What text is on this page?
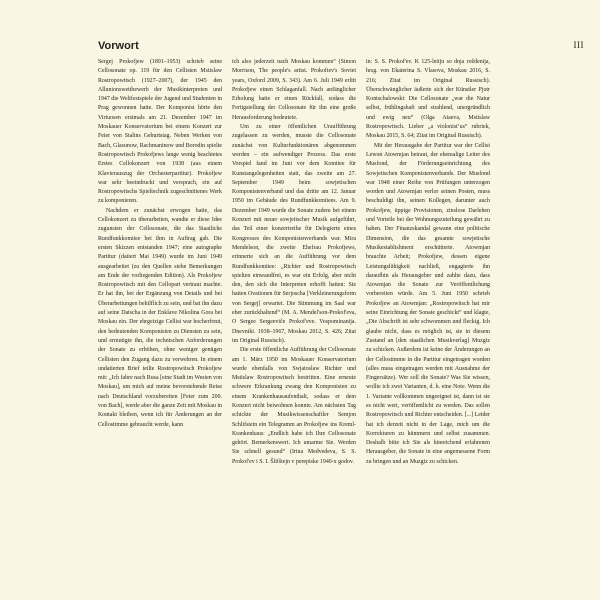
III
Vorwort

Sergej Prokofjew (1891–1953) schrieb seine Cellosonate op. 119 für den Cellisten Mstislaw Rostropowitsch (1927–2007), der 1945 den Allunionswettbewerb der Musikinterpreten und 1947 die Weltfestspiele der Jugend und Studenten in Prag gewonnen hatte. Der Komponist hörte den Virtuosen erstmals am 21. Dezember 1947 im Moskauer Konservatorium bei einem Konzert zur Feier von Stalins Geburtstag. Neben Werken von Bach, Glasunow, Rachmaninow und Borodin spielte Rostropowitsch Prokofjews lange wenig beachtetes Erstes Cellokonzert von 1938 (aus einem Klavierauszug der Orchesterpartitur). Prokofjew war sehr beeindruckt und versprach, ein auf Rostropowitschs Spieltechnik zugeschnittenes Werk zu komponieren.

Nachdem er zunächst erwogen hatte, das Cellokonzert zu überarbeiten, wandte er diese Idee zugunsten der Cellosonate, die das Staatliche Rundfunkkomitee bei ihm in Auftrag gab. Die ersten Skizzen entstanden 1947; eine autographe Partitur (datiert Mai 1949) wurde im Juni 1949 ausgearbeitet (zu den Quellen siehe Bemerkungen am Ende der vorliegenden Edition). Als Prokofjew Rostropowitsch mit den Cellopart vertraut machte. Er hat ihn, bei der Ergänzung von Details und bei Überarbeitungen behilflich zu sein, und bat ihn dazu auf seine Datscha in der Enklave Nikolina Gora bei Moskau ein. Der ehrgeizige Cellist war hocherfreut, den bedeutenden Komponisten zu Diensten zu sein, und ermutigte ihn, die technischen Anforderungen der Sonate zu erhöhen, ohne weniger genügen Cellisten den Zugang dazu zu verwehren. In einem undatierten Brief teilte Rostropowitsch Prokofjew mit: „Ich fahre nach Rusa [eine Stadt im Westen von Moskau], um mich auf meine bevorstehende Reise nach Deutschland vorzubereiten [Feier zum 200. von Bach], werde aber die ganze Zeit mit Moskau in Kontakt bleiben, wenn ich für Änderungen an der Cellostimme gebraucht werde, kann

ich also jederzeit nach Moskau kommen“ (Simon Morrison, The people's artist. Prokofiev's Soviet years, Oxford 2009, S. 343). Am 6. Juli 1949 erlitt Prokofjew einen Schlaganfall. Nach anfänglicher Erholung hatte er einen Rückfall, sodass die Fertigstellung der Cellosonate für ihn eine große Herausforderung bedeutete.

Um zu einer öffentlichen Uraufführung zugelassen zu werden, musste die Cellosonate zunächst von Kulturfunktionären abgenommen werden – ein aufwendiger Prozess. Das erste Vorspiel fand im Juni vor dem Komitee für Kunstangelegenheiten statt, das zweite am 27. September 1949 beim sowjetischen Komponistenverband und das dritte am 12. Januar 1950 im Gebäude des Rundfunkkomitees. Am 9. Dezember 1949 wurde die Sonate zudem bei einem Konzert mit neuer sowjetischer Musik aufgeführt, das Teil einer konzertreihe für Delegierte eines Kongresses des Komponistenverbands war. Mira Mendelson, die zweite Ehefrau Prokofjews, erinnerte sich an die Aufführung vor dem Rundfunkkomitee: „Richter und Rostropowitsch spielten einwandfrei, es war ein Erfolg, aber nicht den, den sich die Interpreten erhofft hatten: Sie hatten Ovationen für Serjoscha [Verkleinerungsform von Sergej] erwartet. Die Stimmung im Saal war eher zurückhaltend“ (M. A. Mendel'son-Prokof'eva, O Sergee Sergeeviče Prokof'eve. Vospominanija. Dnevniki. 1938–1967, Moskau 2012, S. 426; Zitat im Original Russisch).

Die erste öffentliche Aufführung der Cellosonate am 1. März 1950 im Moskauer Konservatorium wurde ebenfalls von Swjatoslaw Richter und Mstislaw Rostropowitsch bestritten. Eine erneute schwere Erkrankung zwang den Komponisten zu einem Krankenhausaufenthalt, sodass er dem Konzert nicht beiwohnen konnte. Am nächsten Tag schickte der Musikwissenschaftler Semjon Schlifstein ein Telegramm an Prokofjew ins Kreml-Krankenhaus: „Endlich habe ich Ihre Cellosonate gehört. Bemerkenswert. Ich umarme Sie. Werden Sie schnell gesund“ (Irina Medvedeva, S. S. Prokof'ev i S. I. Šlifštejn v perepiske 1940-x godov.

in: S. S. Prokof'ev. K 125-letiju so dnja roždenija, hrsg. von Ekaterina S. Vlasova, Moskau 2016, S. 216; Zitat im Original Russisch). Überschwänglicher äußerte sich der Künstler Pjotr Kontschalowski: Die Cellosonate „war die Natur selbst, frühlingshaft und strahlend, unergründlich und ewig neu“ (Olga Ataeva, Mstislaw Rostropowitsch. Lieber „a violonist’us“ rubriek, Moskau 2015, S. 64; Zitat im Original Russisch).

Mit der Herausgabe der Partitur war der Cellist Lewon Atowmjan betraut, der ehemalige Leiter des Musfond, der Förderungseinrichtung des Sowjetischen Komponistenverbands. Der Musfond war 1948 einer Reihe von Prüfungen unterzogen worden und Atowmjan verlor seinen Posten, muss beschuldigt ihn, seinen Kollegen, darunter auch Prokofjew, üppige Provisionen, zinslose Darlehen und Vorteile bei der Wohnungszuteilung gewährt zu haben. Der Finanzskandal gewann eine politische Dimension, die das gesamte sowjetische Musikestablishment erschütterte. Atowmjan brauchte Arbeit; Prokofjew, dessen eigene Leistungsfähigkeit nachließ, engagierte ihn daraufhin als Herausgeber und zahlte dazu, dass Atowmjan die Sonate zur Veröffentlichung vorbereiten würde. Am 5. Juni 1950 schrieb Prokofjew an Atowmjan: „Rostropowitsch hat mir seine Einrichtung der Sonate geschickt“ und klagte, „Die Abschrift ist sehr schwommen und fleckig. Ich glaube nicht, dass es möglich ist, sie in diesem Zustand an [den staatlichen Musikverlag] Muzgiz zu schicken. Außerdem ist keine der Änderungen an der Cellostimme in die Partitur eingetragen worden (alles muss eingetragen werden mit Ausnahme der Fingersätze). Wer soll die Sonate? Was Sie wissen, wollte ich zwei Varianten, d. h. eine Note. Wenn die 1. Variante vollkommen ungeeignet ist, dann ist sie es nicht wert, veröffentlicht zu werden. Das sollen Rostropowitsch und Richter entscheiden. [...] Leider hat ich derzeit nicht in der Lage, mich um die Korrekturen zu kümmern und selbst zusammen. Deshalb bitte ich Sie als hinreichend erfahrenen Herausgeber, die Sonate in eine angemessene Form zu bringen und an Muzgiz zu schicken.
